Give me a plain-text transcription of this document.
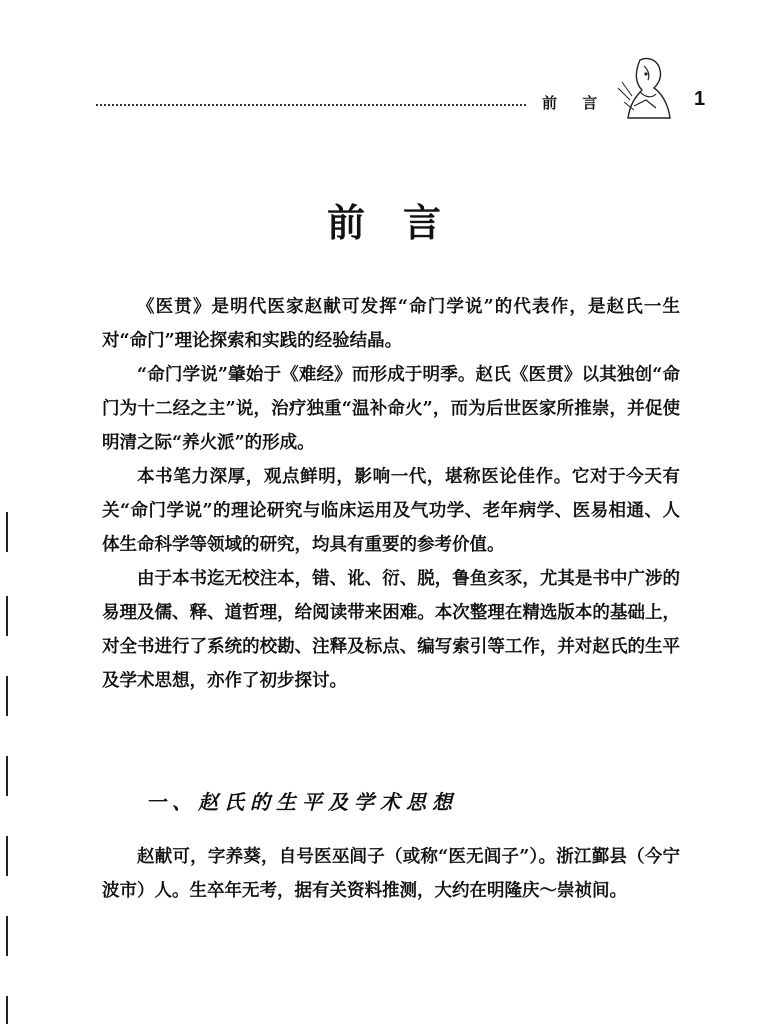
前 言	1
前言

《医贯》是明代医家赵献可发挥“命门学说”的代表作，是赵氏一生对“命门”理论探索和实践的经验结晶。

“命门学说”肇始于《难经》而形成于明季。赵氏《医贯》以其独创“命门为十二经之主”说，治疗独重“温补命火”，而为后世医家所推崇，并促使明清之际“养火派”的形成。

本书笔力深厚，观点鲜明，影响一代，堪称医论佳作。它对于今天有关“命门学说”的理论研究与临床运用及气功学、老年病学、医易相通、人体生命科学等领域的研究，均具有重要的参考价值。

由于本书迄无校注本，错、讹、衍、脱，鲁鱼亥豕，尤其是书中广涉的易理及儒、释、道哲理，给阅读带来困难。本次整理在精选版本的基础上，对全书进行了系统的校勘、注释及标点、编写索引等工作，并对赵氏的生平及学术思想，亦作了初步探讨。

一、赵氏的生平及学术思想

赵献可，字养葵，自号医巫闾子（或称“医无闾子”）。浙江鄞县（今宁波市）人。生卒年无考，据有关资料推测，大约在明隆庆～崇祯间。
